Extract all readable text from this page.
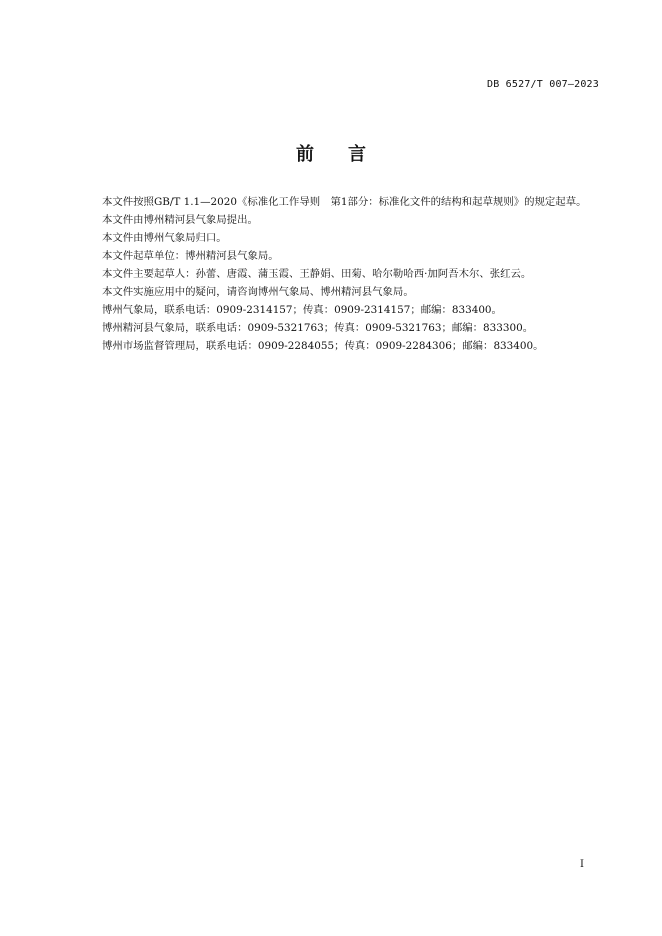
DB 6527/T 007—2023
前 言

本文件按照GB/T 1.1—2020《标准化工作导则　第1部分：标准化文件的结构和起草规则》的规定起草。

本文件由博州精河县气象局提出。

本文件由博州气象局归口。

本文件起草单位：博州精河县气象局。

本文件主要起草人：孙蕾、唐霞、蒲玉霞、王静娟、田菊、哈尔勒哈西·加阿吾木尔、张红云。

本文件实施应用中的疑问，请咨询博州气象局、博州精河县气象局。

博州气象局，联系电话：0909-2314157；传真：0909-2314157；邮编：833400。

博州精河县气象局，联系电话：0909-5321763；传真：0909-5321763；邮编：833300。

博州市场监督管理局，联系电话：0909-2284055；传真：0909-2284306；邮编：833400。

I
